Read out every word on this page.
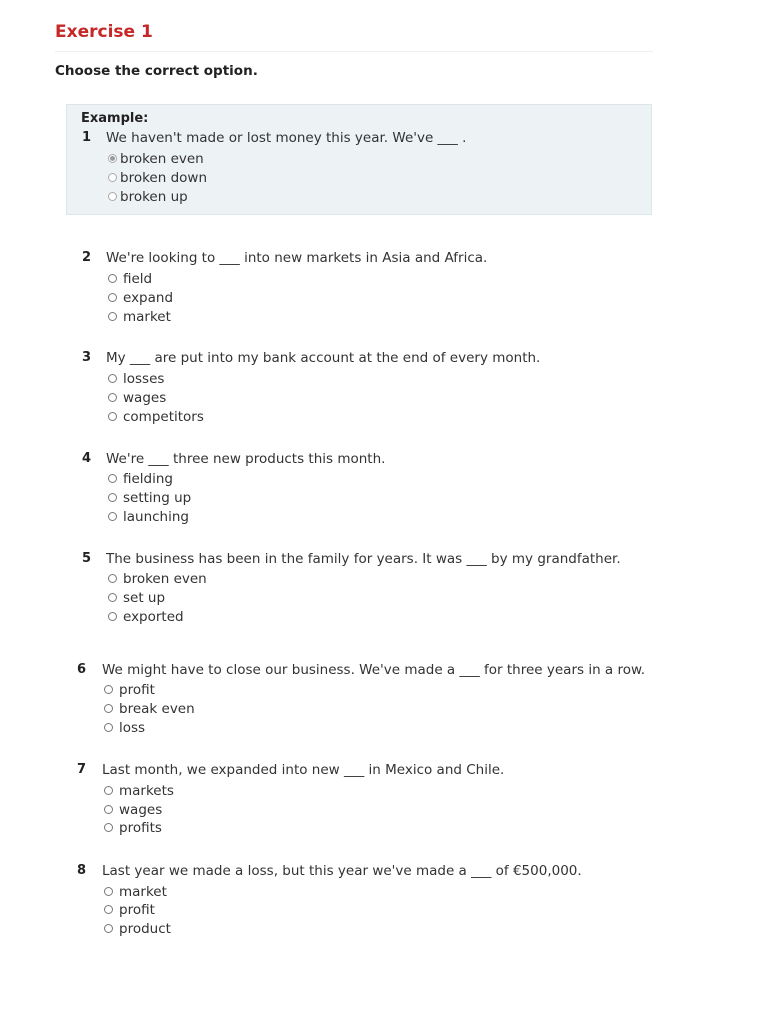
Exercise 1
Choose the correct option.
Example:
1 We haven't made or lost money this year. We've ___ .
broken even
broken down
broken up
2 We're looking to ___ into new markets in Asia and Africa.
field
expand
market
3 My ___ are put into my bank account at the end of every month.
losses
wages
competitors
4 We're ___ three new products this month.
fielding
setting up
launching
5 The business has been in the family for years. It was ___ by my grandfather.
broken even
set up
exported
6 We might have to close our business. We've made a ___ for three years in a row.
profit
break even
loss
7 Last month, we expanded into new ___ in Mexico and Chile.
markets
wages
profits
8 Last year we made a loss, but this year we've made a ___ of €500,000.
market
profit
product
